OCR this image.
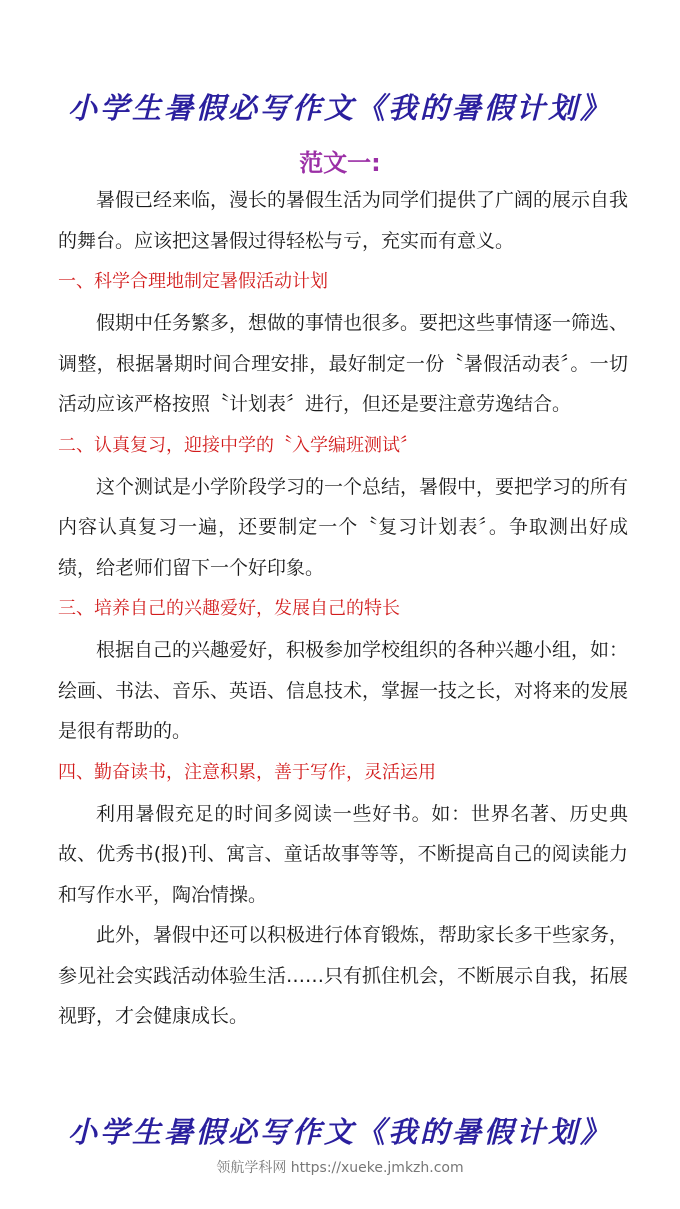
小学生暑假必写作文《我的暑假计划》
范文一:

暑假已经来临，漫长的暑假生活为同学们提供了广阔的展示自我的舞台。应该把这暑假过得轻松与亏，充实而有意义。

一、科学合理地制定暑假活动计划

假期中任务繁多，想做的事情也很多。要把这些事情逐一筛选、调整，根据暑期时间合理安排，最好制定一份〝暑假活动表〞。一切活动应该严格按照〝计划表〞进行，但还是要注意劳逸结合。

二、认真复习，迎接中学的〝入学编班测试〞

这个测试是小学阶段学习的一个总结，暑假中，要把学习的所有内容认真复习一遍，还要制定一个〝复习计划表〞。争取测出好成绩，给老师们留下一个好印象。

三、培养自己的兴趣爱好，发展自己的特长

根据自己的兴趣爱好，积极参加学校组织的各种兴趣小组，如：绘画、书法、音乐、英语、信息技术，掌握一技之长，对将来的发展是很有帮助的。

四、勤奋读书，注意积累，善于写作，灵活运用

利用暑假充足的时间多阅读一些好书。如：世界名著、历史典故、优秀书(报)刊、寓言、童话故事等等，不断提高自己的阅读能力和写作水平，陶冶情操。

此外，暑假中还可以积极进行体育锻炼，帮助家长多干些家务，参见社会实践活动体验生活……只有抓住机会，不断展示自我，拓展视野，才会健康成长。

小学生暑假必写作文《我的暑假计划》
领航学科网 https://xueke.jmkzh.com
